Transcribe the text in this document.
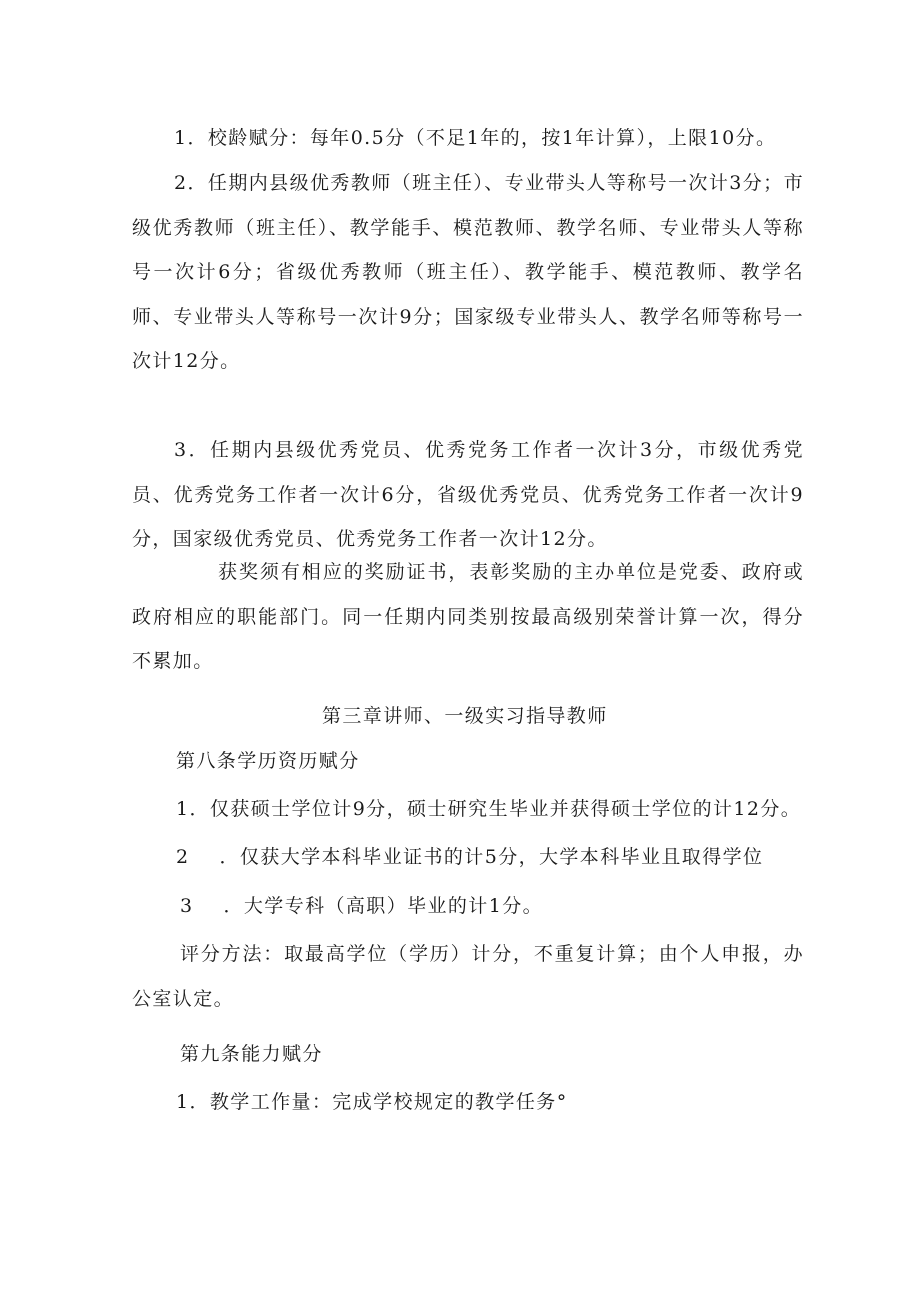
1．校龄赋分：每年0.5分（不足1年的，按1年计算），上限10分。

2．任期内县级优秀教师（班主任）、专业带头人等称号一次计3分；市级优秀教师（班主任）、教学能手、模范教师、教学名师、专业带头人等称号一次计6分；省级优秀教师（班主任）、教学能手、模范教师、教学名师、专业带头人等称号一次计9分；国家级专业带头人、教学名师等称号一次计12分。

3．任期内县级优秀党员、优秀党务工作者一次计3分，市级优秀党员、优秀党务工作者一次计6分，省级优秀党员、优秀党务工作者一次计9分，国家级优秀党员、优秀党务工作者一次计12分。

获奖须有相应的奖励证书，表彰奖励的主办单位是党委、政府或政府相应的职能部门。同一任期内同类别按最高级别荣誉计算一次，得分不累加。

第三章讲师、一级实习指导教师

第八条学历资历赋分

1．仅获硕士学位计9分，硕士研究生毕业并获得硕士学位的计12分。

2 ．仅获大学本科毕业证书的计5分，大学本科毕业且取得学位

3 ．大学专科（高职）毕业的计1分。

评分方法：取最高学位（学历）计分，不重复计算；由个人申报，办公室认定。

第九条能力赋分

1．教学工作量：完成学校规定的教学任务°
